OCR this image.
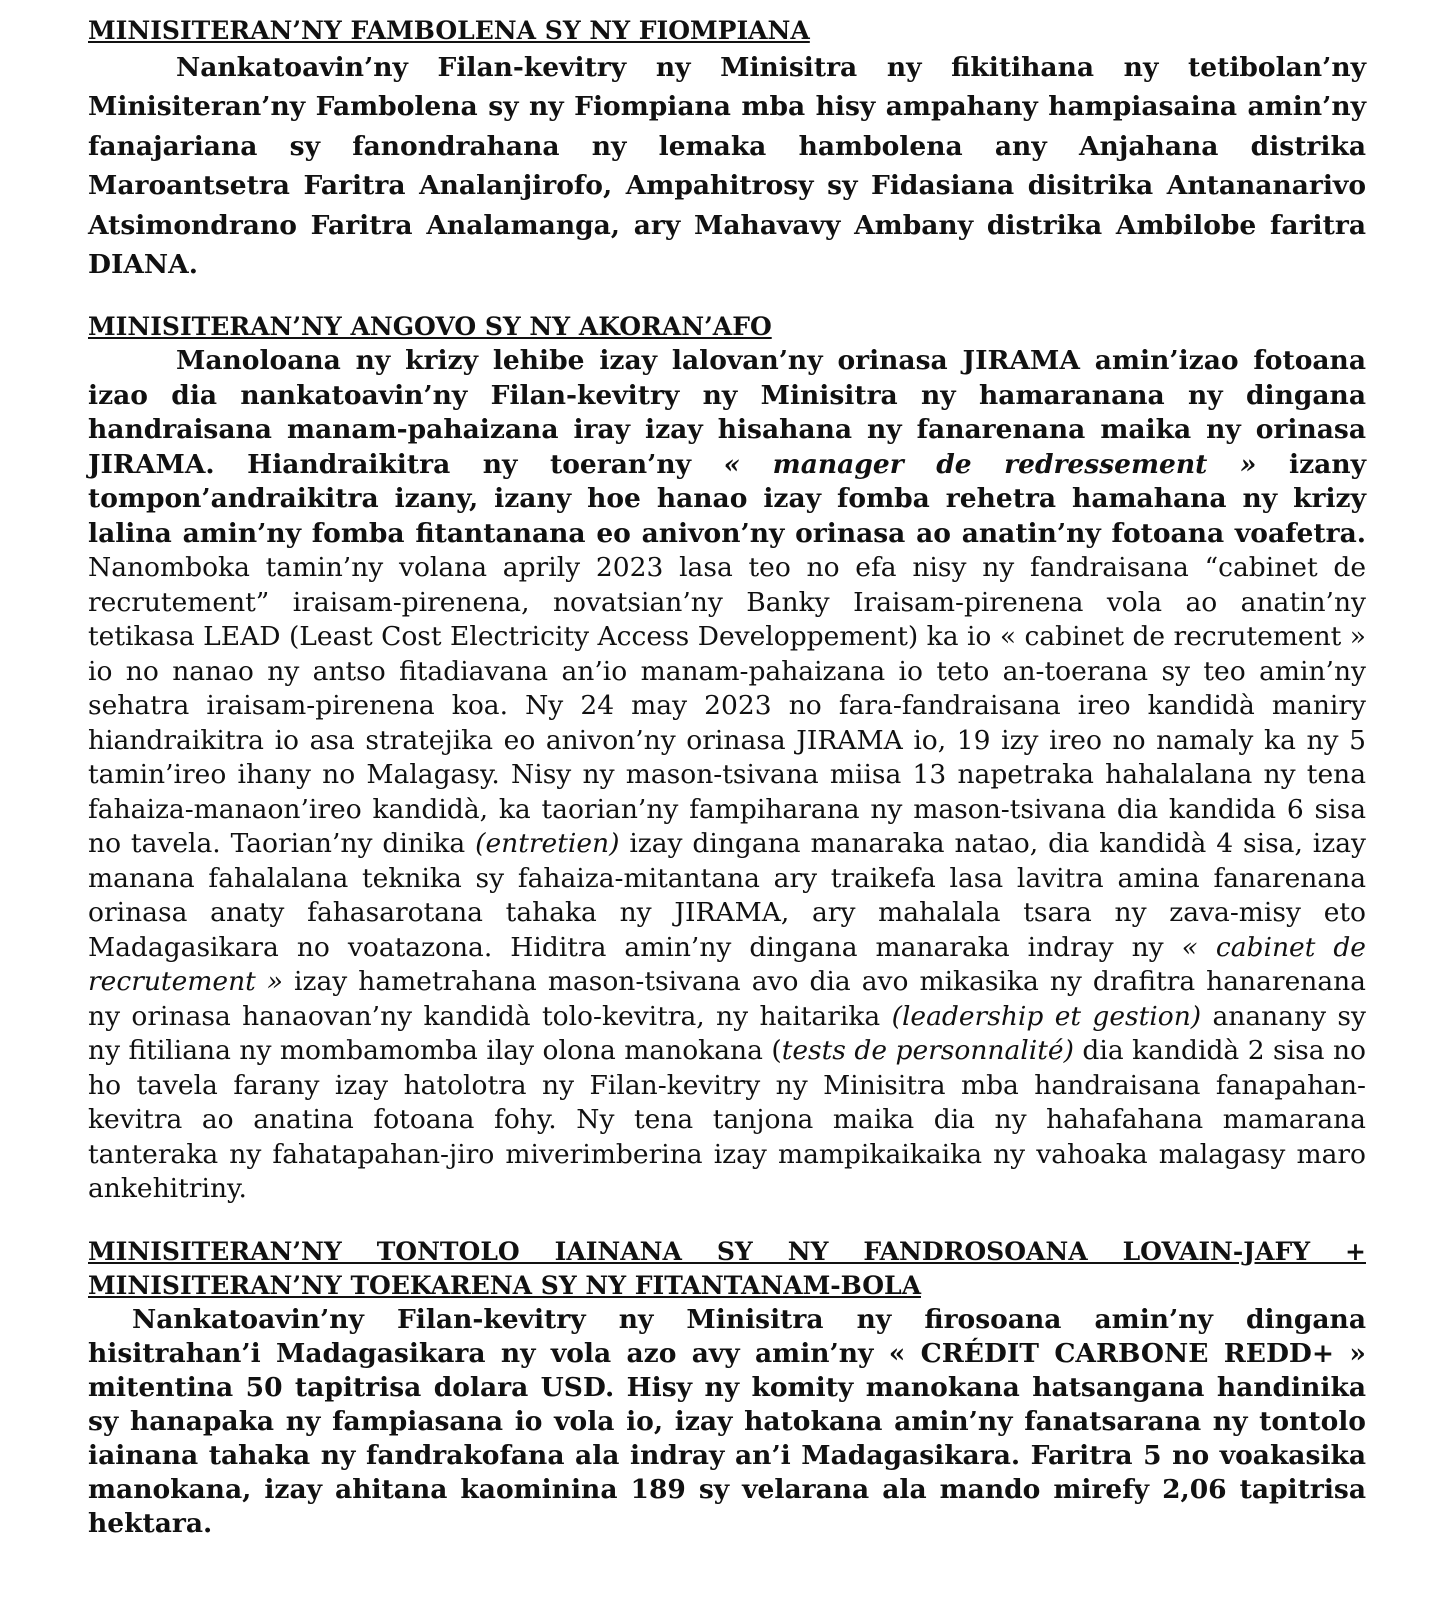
MINISITERAN’NY FAMBOLENA SY NY FIOMPIANA

Nankatoavin’ny Filan-kevitry ny Minisitra ny fikitihana ny tetibolan’ny Minisiteran’ny Fambolena sy ny Fiompiana mba hisy ampahany hampiasaina amin’ny fanajariana sy fanondrahana ny lemaka hambolena any Anjahana distrika Maroantsetra Faritra Analanjirofo, Ampahitrosy sy Fidasiana disitrika Antananarivo Atsimondrano Faritra Analamanga, ary Mahavavy Ambany distrika Ambilobe faritra DIANA.

MINISITERAN’NY ANGOVO SY NY AKORAN’AFO

Manoloana ny krizy lehibe izay lalovan’ny orinasa JIRAMA amin’izao fotoana izao dia nankatoavin’ny Filan-kevitry ny Minisitra ny hamaranana ny dingana handraisana manam-pahaizana iray izay hisahana ny fanarenana maika ny orinasa JIRAMA. Hiandraikitra ny toeran’ny « manager de redressement » izany tompon’andraikitra izany, izany hoe hanao izay fomba rehetra hamahana ny krizy lalina amin’ny fomba fitantanana eo anivon’ny orinasa ao anatin’ny fotoana voafetra. Nanomboka tamin’ny volana aprily 2023 lasa teo no efa nisy ny fandraisana “cabinet de recrutement” iraisam-pirenena, novatsian’ny Banky Iraisam-pirenena vola ao anatin’ny tetikasa LEAD (Least Cost Electricity Access Developpement) ka io « cabinet de recrutement » io no nanao ny antso fitadiavana an’io manam-pahaizana io teto an-toerana sy teo amin’ny sehatra iraisam-pirenena koa. Ny 24 may 2023 no fara-fandraisana ireo kandidà maniry hiandraikitra io asa stratejika eo anivon’ny orinasa JIRAMA io, 19 izy ireo no namaly ka ny 5 tamin’ireo ihany no Malagasy. Nisy ny mason-tsivana miisa 13 napetraka hahalalana ny tena fahaiza-manaon’ireo kandidà, ka taorian’ny fampiharana ny mason-tsivana dia kandida 6 sisa no tavela. Taorian’ny dinika (entretien) izay dingana manaraka natao, dia kandidà 4 sisa, izay manana fahalalana teknika sy fahaiza-mitantana ary traikefa lasa lavitra amina fanarenana orinasa anaty fahasarotana tahaka ny JIRAMA, ary mahalala tsara ny zava-misy eto Madagasikara no voatazona. Hiditra amin’ny dingana manaraka indray ny « cabinet de recrutement » izay hametrahana mason-tsivana avo dia avo mikasika ny drafitra hanarenana ny orinasa hanaovan’ny kandidà tolo-kevitra, ny haitarika (leadership et gestion) ananany sy ny fitiliana ny mombamomba ilay olona manokana (tests de personnalité) dia kandidà 2 sisa no ho tavela farany izay hatolotra ny Filan-kevitry ny Minisitra mba handraisana fanapahan-kevitra ao anatina fotoana fohy. Ny tena tanjona maika dia ny hahafahana mamarana tanteraka ny fahatapahan-jiro miverimberina izay mampikaikaika ny vahoaka malagasy maro ankehitriny.

MINISITERAN’NY TONTOLO IAINANA SY NY FANDROSOANA LOVAIN-JAFY + MINISITERAN’NY TOEKARENA SY NY FITANTANAM-BOLA

Nankatoavin’ny Filan-kevitry ny Minisitra ny firosoana amin’ny dingana hisitrahan’i Madagasikara ny vola azo avy amin’ny « CRÉDIT CARBONE REDD+ » mitentina 50 tapitrisa dolara USD. Hisy ny komity manokana hatsangana handinika sy hanapaka ny fampiasana io vola io, izay hatokana amin’ny fanatsarana ny tontolo iainana tahaka ny fandrakofana ala indray an’i Madagasikara. Faritra 5 no voakasika manokana, izay ahitana kaominina 189 sy velarana ala mando mirefy 2,06 tapitrisa hektara.
